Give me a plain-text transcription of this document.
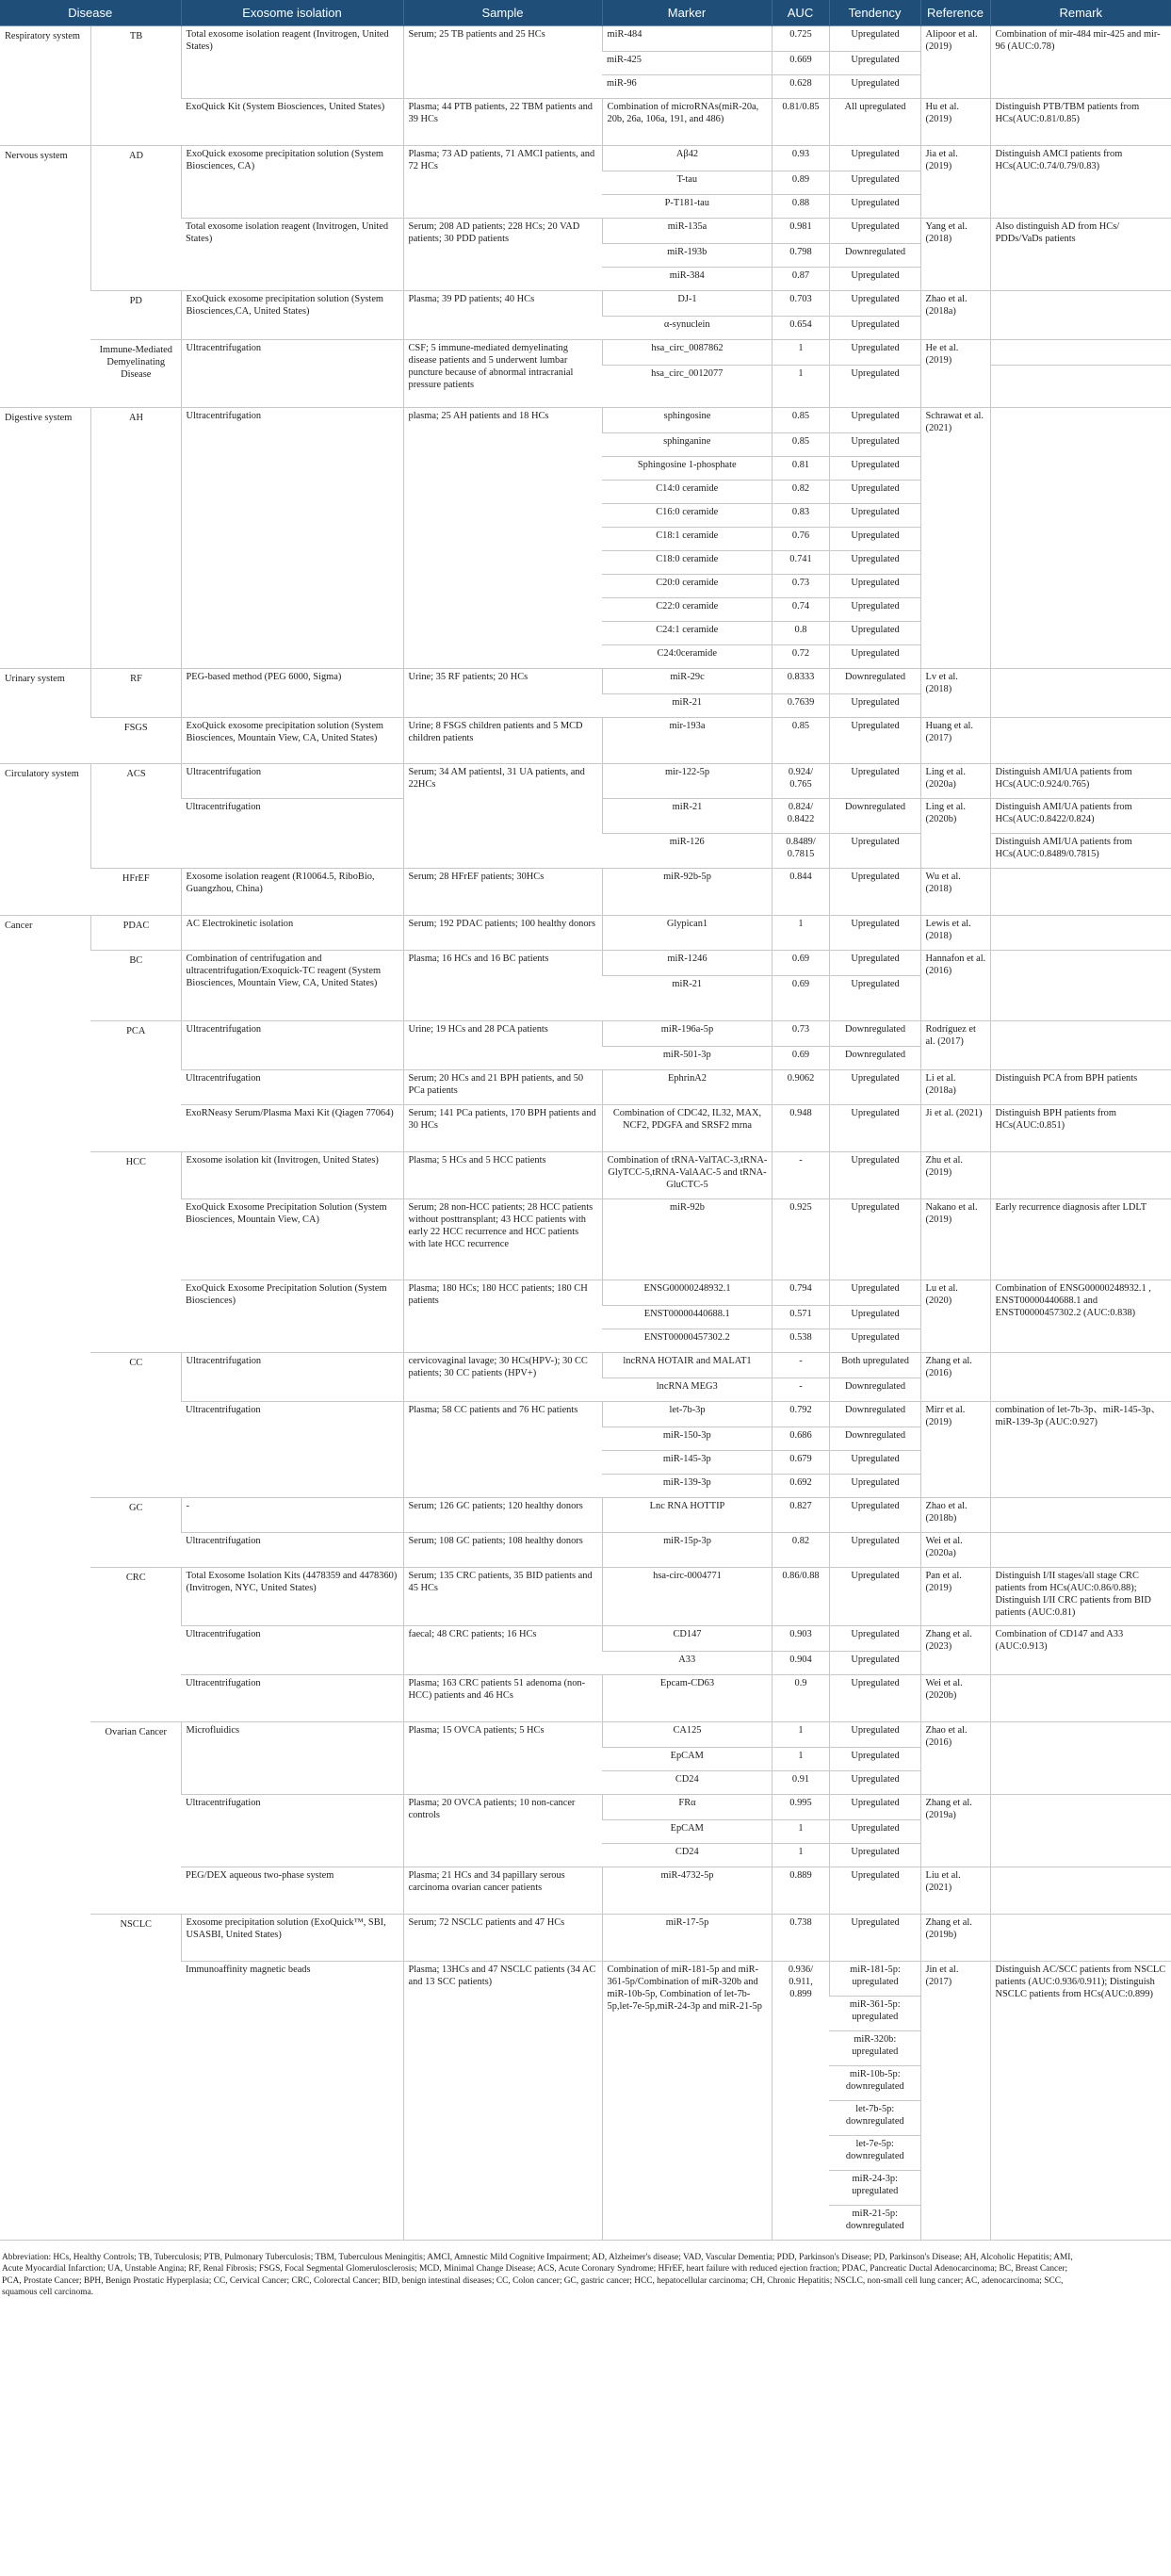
Disease		Exosome isolation	Sample	Marker	AUC	Tendency	Reference	Remark
Respiratory system	TB	Total exosome isolation reagent (Invitrogen, United States)	Serum; 25 TB patients and 25 HCs	miR-484	0.725	Upregulated	Alipoor et al. (2019)	Combination of mir-484 mir-425 and mir-96 (AUC:0.78)
				miR-425	0.669	Upregulated		
				miR-96	0.628	Upregulated		
		ExoQuick Kit (System Biosciences, United States)	Plasma; 44 PTB patients, 22 TBM patients and 39 HCs	Combination of microRNAs(miR-20a, 20b, 26a, 106a, 191, and 486)	0.81/0.85	All upregulated	Hu et al. (2019)	Distinguish PTB/TBM patients from HCs(AUC:0.81/0.85)
Nervous system	AD	ExoQuick exosome precipitation solution (System Biosciences, CA)	Plasma; 73 AD patients, 71 AMCI patients, and 72 HCs	Aβ42	0.93	Upregulated	Jia et al. (2019)	Distinguish AMCI patients from HCs(AUC:0.74/0.79/0.83)
				T-tau	0.89	Upregulated		
				P-T181-tau	0.88	Upregulated		
		Total exosome isolation reagent (Invitrogen, United States)	Serum; 208 AD patients; 228 HCs; 20 VAD patients; 30 PDD patients	miR-135a	0.981	Upregulated	Yang et al. (2018)	Also distinguish AD from HCs/ PDDs/VaDs patients
				miR-193b	0.798	Downregulated		
				miR-384	0.87	Upregulated		
	PD	ExoQuick exosome precipitation solution (System Biosciences,CA, United States)	Plasma; 39 PD patients; 40 HCs	DJ-1	0.703	Upregulated	Zhao et al. (2018a)	
				α-synuclein	0.654	Upregulated		
	Immune-Mediated Demyelinating Disease	Ultracentrifugation	CSF; 5 immune-mediated demyelinating disease patients and 5 underwent lumbar puncture because of abnormal intracranial pressure patients	hsa_circ_0087862	1	Upregulated	He et al. (2019)	
				hsa_circ_0012077	1	Upregulated		
Digestive system	AH	Ultracentrifugation	plasma; 25 AH patients and 18 HCs	sphingosine	0.85	Upregulated	Schrawat et al. (2021)	
				sphinganine	0.85	Upregulated		
				Sphingosine 1-phosphate	0.81	Upregulated		
				C14:0 ceramide	0.82	Upregulated		
				C16:0 ceramide	0.83	Upregulated		
				C18:1 ceramide	0.76	Upregulated		
				C18:0 ceramide	0.741	Upregulated		
				C20:0 ceramide	0.73	Upregulated		
				C22:0 ceramide	0.74	Upregulated		
				C24:1 ceramide	0.8	Upregulated		
				C24:0ceramide	0.72	Upregulated		
Urinary system	RF	PEG-based method (PEG 6000, Sigma)	Urine; 35 RF patients; 20 HCs	miR-29c	0.8333	Downregulated	Lv et al. (2018)	
				miR-21	0.7639	Upregulated		
	FSGS	ExoQuick exosome precipitation solution (System Biosciences, Mountain View, CA, United States)	Urine; 8 FSGS children patients and 5 MCD children patients	mir-193a	0.85	Upregulated	Huang et al. (2017)	
Circulatory system	ACS	Ultracentrifugation	Serum; 34 AM patientsl, 31 UA patients, and 22HCs	mir-122-5p	0.924/ 0.765	Upregulated	Ling et al. (2020a)	Distinguish AMI/UA patients from HCs(AUC:0.924/0.765)
		Ultracentrifugation		miR-21	0.824/ 0.8422	Downregulated	Ling et al. (2020b)	Distinguish AMI/UA patients from HCs(AUC:0.8422/0.824)
				miR-126	0.8489/ 0.7815	Upregulated		Distinguish AMI/UA patients from HCs(AUC:0.8489/0.7815)
	HFrEF	Exosome isolation reagent (R10064.5, RiboBio, Guangzhou, China)	Serum; 28 HFrEF patients; 30HCs	miR-92b-5p	0.844	Upregulated	Wu et al.(2018)	
Cancer	PDAC	AC Electrokinetic isolation	Serum; 192 PDAC patients; 100 healthy donors	Glypican1	1	Upregulated	Lewis et al. (2018)	
	BC	Combination of centrifugation and ultracentrifugation/Exoquick-TC reagent (System Biosciences, Mountain View, CA, United States)	Plasma; 16 HCs and 16 BC patients	miR-1246	0.69	Upregulated	Hannafon et al. (2016)	
				miR-21	0.69	Upregulated		
	PCA	Ultracentrifugation	Urine; 19 HCs and 28 PCA patients	miR-196a-5p	0.73	Downregulated	Rodríguez et al. (2017)	
				miR-501-3p	0.69	Downregulated		
		Ultracentrifugation	Serum; 20 HCs and 21 BPH patients, and 50 PCa patients	EphrinA2	0.9062	Upregulated	Li et al. (2018a)	Distinguish PCA from BPH patients
		ExoRNeasy Serum/Plasma Maxi Kit (Qiagen 77064)	Serum; 141 PCa patients, 170 BPH patients and 30 HCs	Combination of CDC42, IL32, MAX, NCF2, PDGFA and SRSF2 mrna	0.948	Upregulated	Ji et al. (2021)	Distinguish BPH patients from HCs(AUC:0.851)
	HCC	Exosome isolation kit (Invitrogen, United States)	Plasma; 5 HCs and 5 HCC patients	Combination of tRNA-ValTAC-3,tRNA-GlyTCC-5,tRNA-ValAAC-5 and tRNA-GluCTC-5	-	Upregulated	Zhu et al. (2019)	
		ExoQuick Exosome Precipitation Solution (System Biosciences, Mountain View, CA)	Serum; 28 non-HCC patients; 28 HCC patients without posttransplant; 43 HCC patients with early 22 HCC recurrence and HCC patients with late HCC recurrence	miR-92b	0.925	Upregulated	Nakano et al. (2019)	Early recurrence diagnosis after LDLT
		ExoQuick Exosome Precipitation Solution (System Biosciences)	Plasma; 180 HCs; 180 HCC patients; 180 CH patients	ENSG00000248932.1	0.794	Upregulated	Lu et al. (2020)	Combination of ENSG00000248932.1 , ENST00000440688.1 and ENST00000457302.2 (AUC:0.838)
				ENST00000440688.1	0.571	Upregulated		
				ENST00000457302.2	0.538	Upregulated		
	CC	Ultracentrifugation	cervicovaginal lavage; 30 HCs(HPV-); 30 CC patients; 30 CC patients (HPV+)	lncRNA HOTAIR and MALAT1	-	Both upregulated	Zhang et al. (2016)	
				lncRNA MEG3	-	Downregulated		
		Ultracentrifugation	Plasma; 58 CC patients and 76 HC patients	let-7b-3p	0.792	Downregulated	Mirr et al. (2019)	combination of let-7b-3p、miR-145-3p、miR-139-3p (AUC:0.927)
				miR-150-3p	0.686	Downregulated		
				miR-145-3p	0.679	Upregulated		
				miR-139-3p	0.692	Upregulated		
	GC	-	Serum; 126 GC patients; 120 healthy donors	Lnc RNA HOTTIP	0.827	Upregulated	Zhao et al. (2018b)	
		Ultracentrifugation	Serum; 108 GC patients; 108 healthy donors	miR-15p-3p	0.82	Upregulated	Wei et al. (2020a)	
	CRC	Total Exosome Isolation Kits (4478359 and 4478360) (Invitrogen, NYC, United States)	Serum; 135 CRC patients, 35 BID patients and 45 HCs	hsa-circ-0004771	0.86/0.88	Upregulated	Pan et al. (2019)	Distinguish I/II stages/all stage CRC patients from HCs(AUC:0.86/0.88); Distinguish I/II CRC patients from BID patients (AUC:0.81)
		Ultracentrifugation	faecal; 48 CRC patients; 16 HCs	CD147	0.903	Upregulated	Zhang et al. (2023)	Combination of CD147 and A33 (AUC:0.913)
				A33	0.904	Upregulated		
		Ultracentrifugation	Plasma; 163 CRC patients 51 adenoma (non-HCC) patients and 46 HCs	Epcam-CD63	0.9	Upregulated	Wei et al. (2020b)	
	Ovarian Cancer	Microfluidics	Plasma; 15 OVCA patients; 5 HCs	CA125	1	Upregulated	Zhao et al. (2016)	
				EpCAM	1	Upregulated		
				CD24	0.91	Upregulated		
		Ultracentrifugation	Plasma; 20 OVCA patients; 10 non-cancer controls	FRα	0.995	Upregulated	Zhang et al. (2019a)	
				EpCAM	1	Upregulated		
				CD24	1	Upregulated		
		PEG/DEX aqueous two-phase system	Plasma; 21 HCs and 34 papillary serous carcinoma ovarian cancer patients	miR-4732-5p	0.889	Upregulated	Liu et al. (2021)	
	NSCLC	Exosome precipitation solution (ExoQuick™, SBI, USASBI, United States)	Serum; 72 NSCLC patients and 47 HCs	miR-17-5p	0.738	Upregulated	Zhang et al. (2019b)	
		Immunoaffinity magnetic beads	Plasma; 13HCs and 47 NSCLC patients (34 AC and 13 SCC patients)	Combination of miR-181-5p and miR-361-5p/Combination of miR-320b and miR-10b-5p, Combination of let-7b-5p,let-7e-5p,miR-24-3p and miR-21-5p	0.936/ 0.911, 0.899	miR-181-5p: upregulated	Jin et al. (2017)	Distinguish AC/SCC patients from NSCLC patients (AUC:0.936/0.911); Distinguish NSCLC patients from HCs(AUC:0.899)
						miR-361-5p: upregulated		
						miR-320b: upregulated		
						miR-10b-5p: downregulated		
						let-7b-5p: downregulated		
						let-7e-5p: downregulated		
						miR-24-3p: upregulated		
						miR-21-5p: downregulated		
Abbreviation: HCs, Healthy Controls; TB, Tuberculosis; PTB, Pulmonary Tuberculosis; TBM, Tuberculous Meningitis; AMCI, Amnestic Mild Cognitive Impairment; AD, Alzheimer's disease; VAD, Vascular Dementia; PDD, Parkinson's Disease; PD, Parkinson's Disease; AH, Alcoholic Hepatitis; AMI, Acute Myocardial Infarction; UA, Unstable Angina; RF, Renal Fibrosis; FSGS, Focal Segmental Glomerulosclerosis; MCD, Minimal Change Disease; ACS, Acute Coronary Syndrome; HFrEF, heart failure with reduced ejection fraction; PDAC, Pancreatic Ductal Adenocarcinoma; BC, Breast Cancer; PCA, Prostate Cancer; BPH, Benign Prostatic Hyperplasia; CC, Cervical Cancer; CRC, Colorectal Cancer; BID, benign intestinal diseases; CC, Colon cancer; GC, gastric cancer; HCC, hepatocellular carcinoma; CH, Chronic Hepatitis; NSCLC, non-small cell lung cancer; AC, adenocarcinoma; SCC, squamous cell carcinoma.
